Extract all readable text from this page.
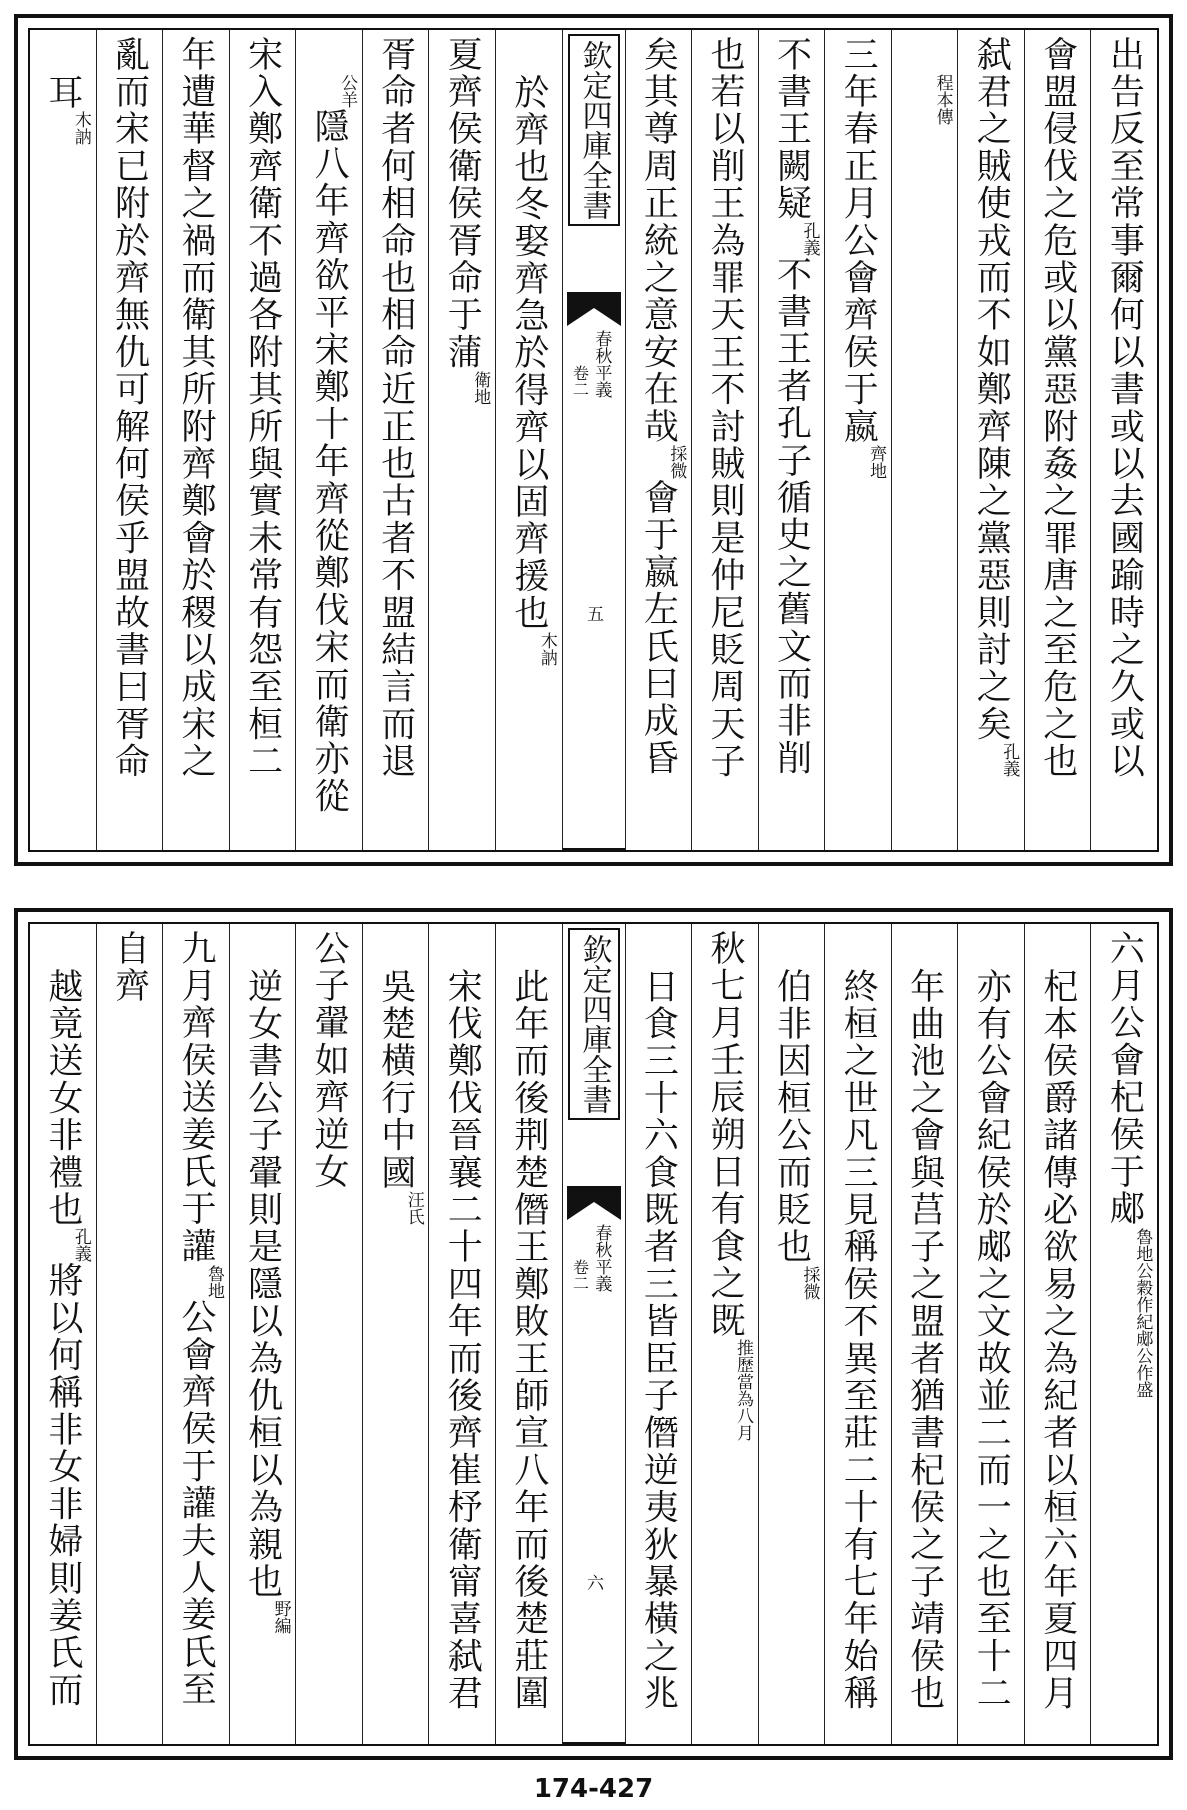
出告反至常事爾何以書或以去國踰時之久或以
會盟侵伐之危或以黨惡附姦之罪唐之至危之也
弑君之賊使戎而不如鄭齊陳之黨惡則討之矣孔義
程本傳
三年春正月公會齊侯于嬴齊地
不書王闕疑孔義不書王者孔子循史之舊文而非削
也若以削王為罪天王不討賊則是仲尼貶周天子
矣其尊周正統之意安在哉採微會于嬴左氏曰成昏
欽定四庫全書
春秋平義
卷二
五
於齊也冬娶齊急於得齊以固齊援也木訥
夏齊侯衛侯胥命于蒲衛地
胥命者何相命也相命近正也古者不盟結言而退
公羊隱八年齊欲平宋鄭十年齊從鄭伐宋而衛亦從
宋入鄭齊衛不過各附其所與實未常有怨至桓二
年遭華督之禍而衛其所附齊鄭會於稷以成宋之
亂而宋已附於齊無仇可解何侯乎盟故書曰胥命
耳木訥
六月公會杞侯于郕魯地公穀作紀郕公作盛
杞本侯爵諸傳必欲易之為紀者以桓六年夏四月
亦有公會紀侯於郕之文故並二而一之也至十二
年曲池之會與莒子之盟者猶書杞侯之子靖侯也
終桓之世凡三見稱侯不異至莊二十有七年始稱
伯非因桓公而貶也採微
秋七月壬辰朔日有食之既推歷當為八月
日食三十六食既者三皆臣子僭逆夷狄暴橫之兆
欽定四庫全書
春秋平義
卷二
六
此年而後荆楚僭王鄭敗王師宣八年而後楚莊圍
宋伐鄭伐晉襄二十四年而後齊崔杼衛甯喜弑君
吳楚横行中國汪氏
公子翬如齊逆女
逆女書公子翬則是隱以為仇桓以為親也野編
九月齊侯送姜氏于讙魯地公會齊侯于讙夫人姜氏至
自齊
越竟送女非禮也孔義將以何稱非女非婦則姜氏而
174-427
